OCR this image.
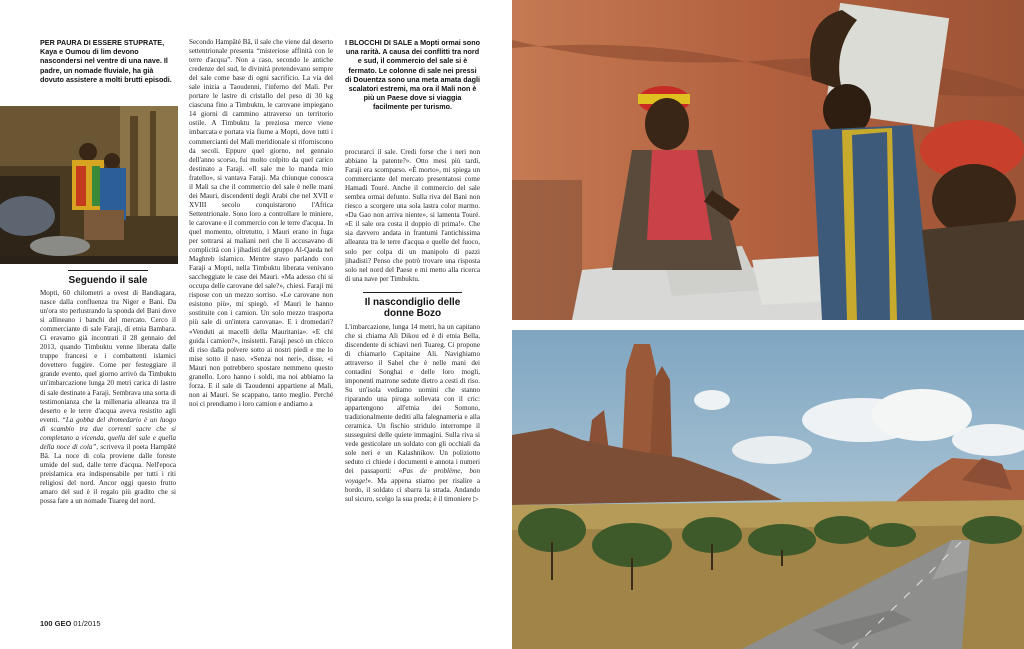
PER PAURA DI ESSERE STUPRATE, Kaya e Oumou di lim devono nascondersi nel ventre di una nave. Il padre, un nomade fluviale, ha già dovuto assistere a molti brutti episodi.

Seguendo il sale

Mopti, 60 chilometri a ovest di Bandiagara, nasce dalla confluenza tra Niger e Bani. Da un'ora sto perlustrando la sponda del Bani dove si allineano i banchi del mercato. Cerco il commerciante di sale Faraji, di etnia Bambara. Ci eravamo già incontrati il 28 gennaio del 2013, quando Timbuktu venne liberata dalle truppe francesi e i combattenti islamici dovettero fuggire. Come per festeggiare il grande evento, quel giorno arrivò da Timbuktu un'imbarcazione lunga 20 metri carica di lastre di sale destinate a Faraji. Sembrava una sorta di testimonianza che la millenaria alleanza tra il deserto e le terre d'acqua aveva resistito agli eventi. “La gobba del dromedario è un luogo di scambio tra due correnti sacre che si completano a vicenda, quella del sale e quella della noce di cola”, scriveva il poeta Hampâté Bâ. La noce di cola proviene dalle foreste umide del sud, dalle terre d'acqua. Nell'epoca preislamica era indispensabile per tutti i riti religiosi del nord. Ancor oggi questo frutto amaro del sud è il regalo più gradito che si possa fare a un nomade Tuareg del nord.

Secondo Hampâté Bâ, il sale che viene dal deserto settentrionale presenta “misteriose affinità con le terre d'acqua”. Non a caso, secondo le antiche credenze del sud, le divinità pretendevano sempre del sale come base di ogni sacrificio. La via del sale inizia a Taoudenni, l'inferno del Mali. Per portare le lastre di cristallo del peso di 30 kg ciascuna fino a Timbuktu, le carovane impiegano 14 giorni di cammino attraverso un territorio ostile. A Timbuktu la preziosa merce viene imbarcata e portata via fiume a Mopti, dove tutti i commercianti del Mali meridionale si riforniscono da secoli. Eppure quel giorno, nel gennaio dell'anno scorso, fui molto colpito da quel carico destinato a Faraji. «Il sale me lo manda mio fratello», si vantava Faraji. Ma chiunque conosca il Mali sa che il commercio del sale è nelle mani dei Mauri, discendenti degli Arabi che nel XVII e XVIII secolo conquistarono l'Africa Settentrionale. Sono loro a controllare le miniere, le carovane e il commercio con le terre d'acqua. In quel momento, oltretutto, i Mauri erano in fuga per sottrarsi ai maliani neri che li accusavano di complicità con i jihadisti del gruppo Al-Qaeda nel Maghreb islamico. Mentre stavo parlando con Faraji a Mopti, nella Timbuktu liberata venivano saccheggiate le case dei Mauri. «Ma adesso chi si occupa delle carovane del sale?», chiesi. Faraji mi rispose con un mezzo sorriso. «Le carovane non esistono più», mi spiegò. «I Mauri le hanno sostituite con i camion. Un solo mezzo trasporta più sale di un'intera carovana». E i dromedari? «Venduti ai macelli della Mauritania». «E chi guida i camion?», insistetti. Faraji pescò un chicco di riso dalla polvere sotto ai nostri piedi e me lo mise sotto il naso. «Senza noi neri», disse, «i Mauri non potrebbero spostare nemmeno questo granello. Loro hanno i soldi, ma noi abbiamo la forza. E il sale di Taoudenni appartiene al Mali, non ai Mauri. Se scappano, tanto meglio. Perché noi ci prendiamo i loro camion e andiamo a

I BLOCCHI DI SALE a Mopti ormai sono una rarità. A causa dei conflitti tra nord e sud, il commercio del sale si è fermato. Le colonne di sale nei pressi di Douentza sono una meta amata dagli scalatori estremi, ma ora il Mali non è più un Paese dove si viaggia facilmente per turismo.

procurarci il sale. Credi forse che i neri non abbiano la patente?». Otto mesi più tardi, Faraji era scomparso. «È morto», mi spiega un commerciante del mercato presentatosi come Hamadi Touré. Anche il commercio del sale sembra ormai defunto. Sulla riva del Bani non riesco a scorgere una sola lastra color marmo. «Da Gao non arriva niente», si lamenta Touré. «E il sale ora costa il doppio di prima!». Che sia davvero andata in frantumi l'antichissima alleanza tra le terre d'acqua e quelle del fuoco, solo per colpa di un manipolo di pazzi jihadisti? Penso che potrò trovare una risposta solo nel nord del Paese e mi metto alla ricerca di una nave per Timbuktu.

Il nascondiglio delle donne Bozo

L'imbarcazione, lunga 14 metri, ha un capitano che si chiama Ali Dikou ed è di etnia Bella, discendente di schiavi neri Tuareg. Ci propone di chiamarlo Capitaine Ali. Navighiamo attraverso il Sahel che è nelle mani dei contadini Songhai e delle loro mogli, imponenti matrone sedute dietro a cesti di riso. Su un'isola vediamo uomini che stanno riparando una piroga sollevata con il cric: appartengono all'etnia dei Somono, tradizionalmente dediti alla falegnameria e alla ceramica. Un fischio stridulo interrompe il susseguirsi delle quiete immagini. Sulla riva si vede gesticolare un soldato con gli occhiali da sole neri e un Kalashnikov. Un poliziotto seduto ci chiede i documenti e annota i numeri dei passaporti: «Pas de problème, bon voyage!». Ma appena stiamo per risalire a bordo, il soldato ci sbarra la strada. Andando sul sicuro, scelgo la sua preda; è il timoniere ▷

100 GEO 01/2015
